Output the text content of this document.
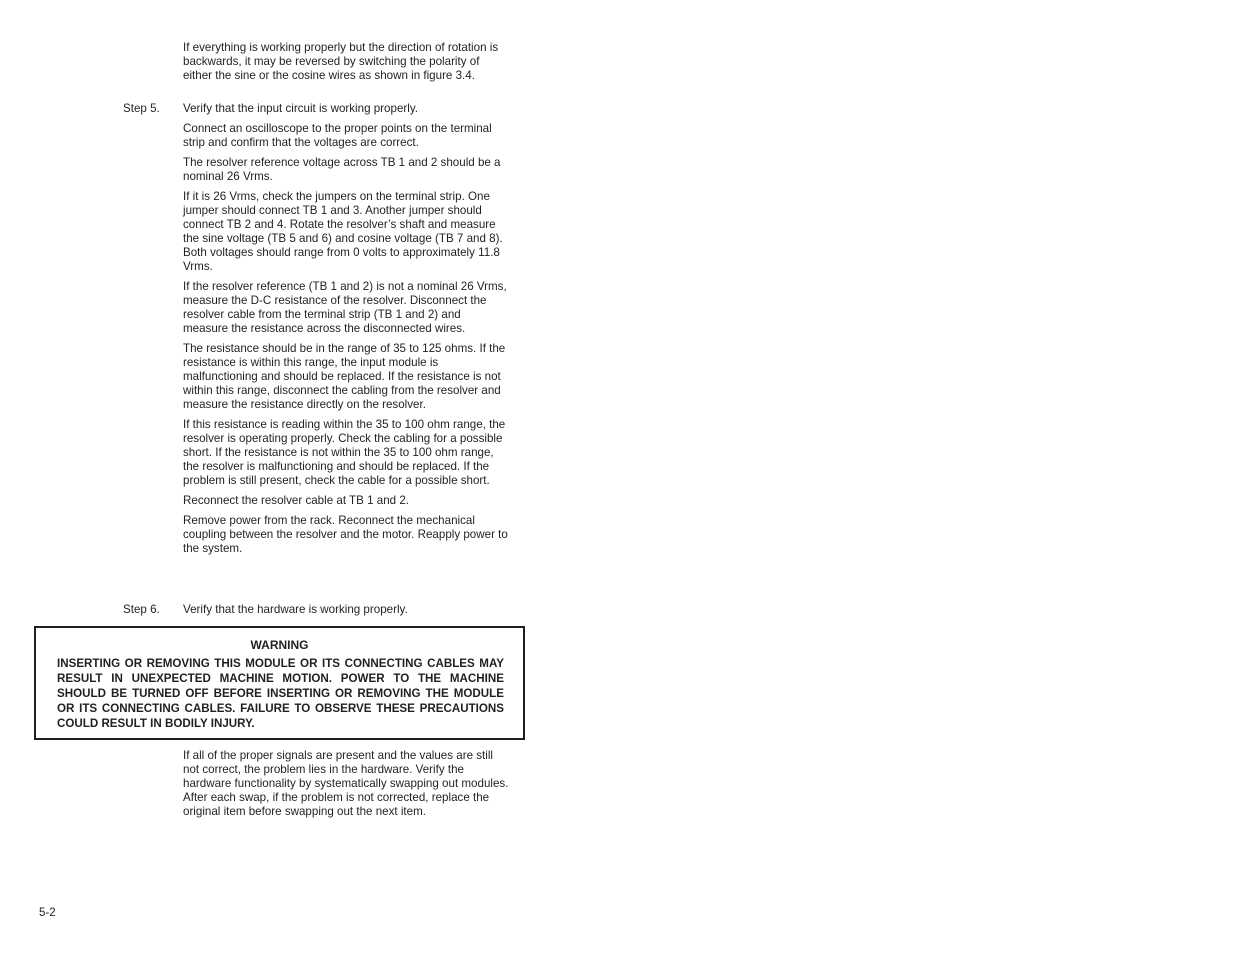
If everything is working properly but the direction of rotation is backwards, it may be reversed by switching the polarity of either the sine or the cosine wires as shown in figure 3.4.

Step 5. Verify that the input circuit is working properly.

Connect an oscilloscope to the proper points on the terminal strip and confirm that the voltages are correct.

The resolver reference voltage across TB 1 and 2 should be a nominal 26 Vrms.

If it is 26 Vrms, check the jumpers on the terminal strip. One jumper should connect TB 1 and 3. Another jumper should connect TB 2 and 4. Rotate the resolver’s shaft and measure the sine voltage (TB 5 and 6) and cosine voltage (TB 7 and 8). Both voltages should range from 0 volts to approximately 11.8 Vrms.

If the resolver reference (TB 1 and 2) is not a nominal 26 Vrms, measure the D-C resistance of the resolver. Disconnect the resolver cable from the terminal strip (TB 1 and 2) and measure the resistance across the disconnected wires.

The resistance should be in the range of 35 to 125 ohms. If the resistance is within this range, the input module is malfunctioning and should be replaced. If the resistance is not within this range, disconnect the cabling from the resolver and measure the resistance directly on the resolver.

If this resistance is reading within the 35 to 100 ohm range, the resolver is operating properly. Check the cabling for a possible short. If the resistance is not within the 35 to 100 ohm range, the resolver is malfunctioning and should be replaced. If the problem is still present, check the cable for a possible short.

Reconnect the resolver cable at TB 1 and 2.

Remove power from the rack. Reconnect the mechanical coupling between the resolver and the motor. Reapply power to the system.

Step 6. Verify that the hardware is working properly.
WARNING
INSERTING OR REMOVING THIS MODULE OR ITS CONNECTING CABLES MAY RESULT IN UNEXPECTED MACHINE MOTION. POWER TO THE MACHINE SHOULD BE TURNED OFF BEFORE INSERTING OR REMOVING THE MODULE OR ITS CONNECTING CABLES. FAILURE TO OBSERVE THESE PRECAUTIONS COULD RESULT IN BODILY INJURY.

If all of the proper signals are present and the values are still not correct, the problem lies in the hardware. Verify the hardware functionality by systematically swapping out modules. After each swap, if the problem is not corrected, replace the original item before swapping out the next item.

5-2
